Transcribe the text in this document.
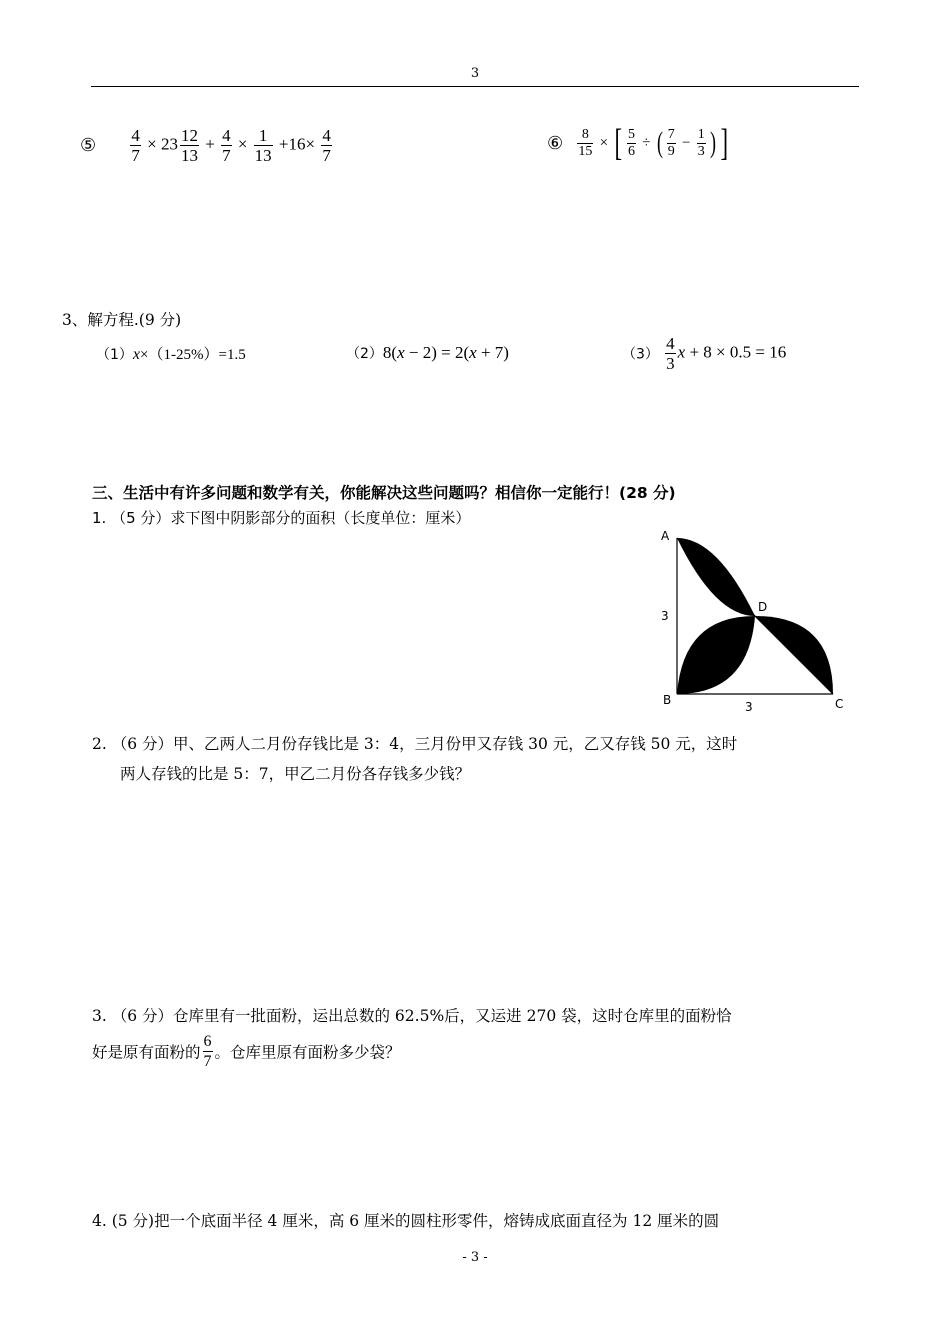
3
⑤ $\frac{4}{7} \times 23 \frac{12}{13} + \frac{4}{7} \times \frac{1}{13} +16\times \frac{4}{7}$	⑥ $\frac{8}{15}$ × [ $\frac{5}{6}$ ÷ ( $\frac{7}{9} - \frac{1}{3}$ ) ]
3、解方程.(9 分)
（1）x×（1-25%）=1.5	（2）8(x − 2) = 2(x + 7)	$(3) \frac{4}{3}$ x + 8 × 0.5 = 16
三、生活中有许多问题和数学有关，你能解决这些问题吗？相信你一定能行！(28 分)
1. （5 分）求下图中阴影部分的面积（长度单位：厘米）
A
B	C
D
3
3
2. （6 分）甲、乙两人二月份存钱比是 3：4，三月份甲又存钱 30 元，乙又存钱 50 元，这时
两人存钱的比是 5：7，甲乙二月份各存钱多少钱？
3. （6 分）仓库里有一批面粉，运出总数的 62.5%后，又运进 270 袋，这时仓库里的面粉恰
好是原有面粉的 $\frac{6}{7}$ 。仓库里原有面粉多少袋？
4. (5 分)把一个底面半径 4 厘米，高 6 厘米的圆柱形零件，熔铸成底面直径为 12 厘米的圆
- 3 -
